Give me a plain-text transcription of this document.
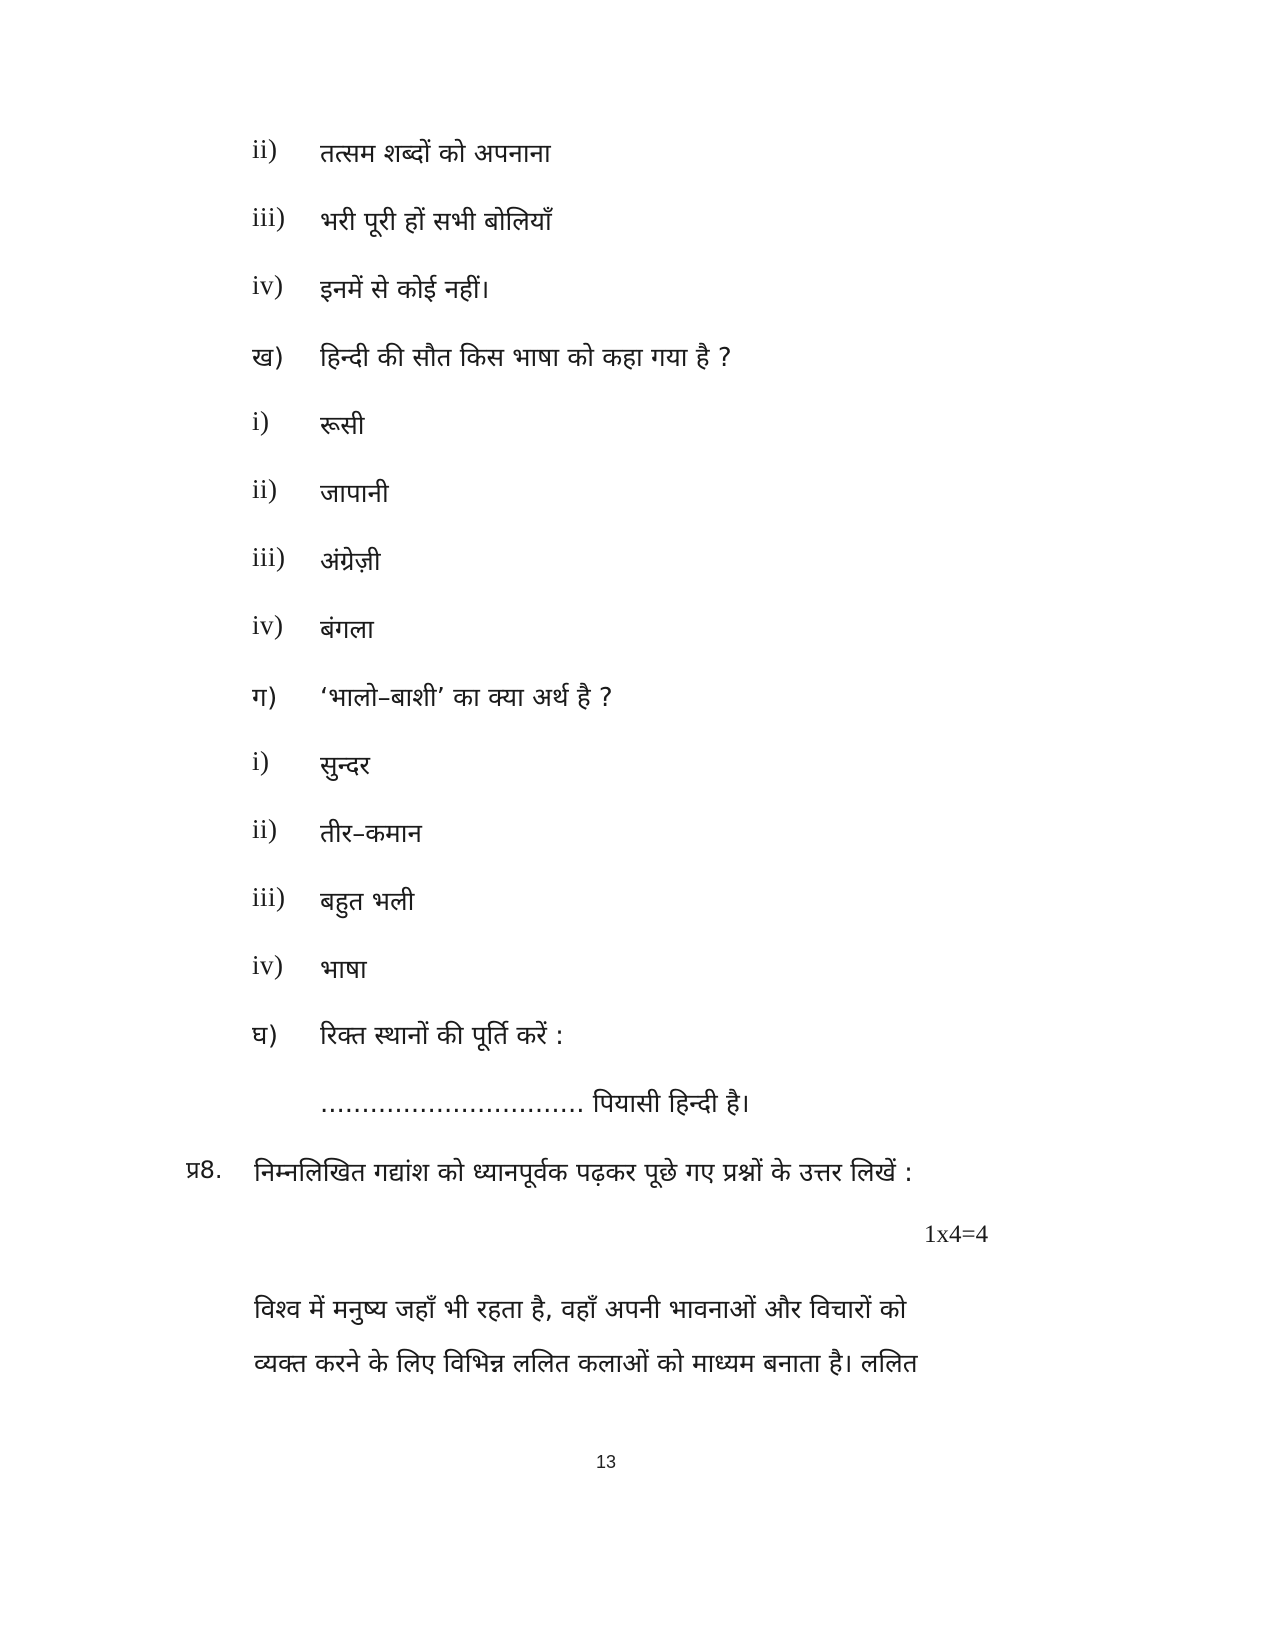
ii) तत्सम शब्दों को अपनाना
iii) भरी पूरी हों सभी बोलियाँ
iv) इनमें से कोई नहीं।
ख) हिन्दी की सौत किस भाषा को कहा गया है ?
i) रूसी
ii) जापानी
iii) अंग्रेज़ी
iv) बंगला
ग) ‘भालो–बाशी’ का क्या अर्थ है ?
i) सुन्दर
ii) तीर–कमान
iii) बहुत भली
iv) भाषा
घ) रिक्त स्थानों की पूर्ति करें :
................................ पियासी हिन्दी है।
प्र8. निम्नलिखित गद्यांश को ध्यानपूर्वक पढ़कर पूछे गए प्रश्नों के उत्तर लिखें :
1x4=4
विश्व में मनुष्य जहाँ भी रहता है, वहाँ अपनी भावनाओं और विचारों को
व्यक्त करने के लिए विभिन्न ललित कलाओं को माध्यम बनाता है। ललित
13
